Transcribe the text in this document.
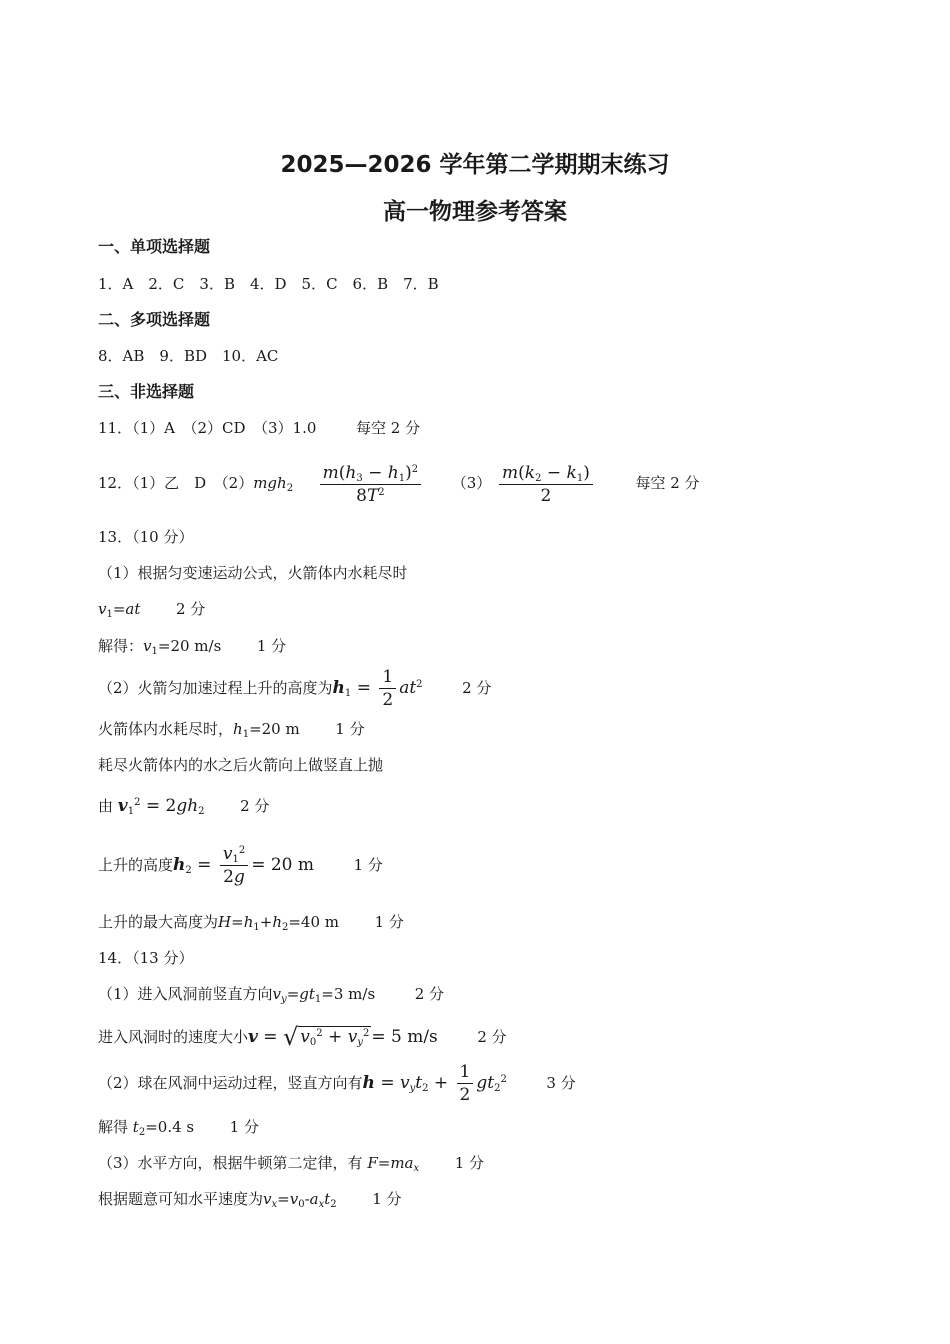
2025—2026 学年第二学期期末练习
高一物理参考答案
一、单项选择题
1．A　2．C　3．B　4．D　5．C　6．B　7．B
二、多项选择题
8．AB　9．BD　10．AC
三、非选择题
11．（1）A　（2）CD　（3）1.0	每空 2 分
12．（1）乙　D　$(2)mgh_2 \frac{m(h_3 - h_1)^2}{8T^2} (3) \frac{m(k_2 - k_1)}{2}$	每空 2 分
13．（10 分）
（1）根据匀变速运动公式，火箭体内水耗尽时
$v_1=at$ 2 分
解得：$v_1=20$ m/s 1 分
（2）火箭匀加速过程上升的高度为$h_1 = \frac{1}{2} at^2$	2 分
火箭体内水耗尽时，$h_1=20$ m 1 分
耗尽火箭体内的水之后火箭向上做竖直上抛
由 $v_1^2 = 2gh_2$ 2 分
上升的高度$h_2 = \frac{v_1^2}{2g} = 20$ m	1 分
上升的最大高度为$H=h_1+h_2=40$ m 1 分
14．（13 分）
（1）进入风洞前竖直方向$v_y=gt_1=3$ m/s	2 分
进入风洞时的速度大小v = √ $v_0^2 + v_y^2 = 5$ m/s	2 分
（2）球在风洞中运动过程，竖直方向有$h = v_yt_2 + \frac{1}{2} gt_2^2$	3 分
解得 $t_2=0.4$ s 1 分
（3）水平方向，根据牛顿第二定律，有 $F=ma_x$ 1 分
根据题意可知水平速度为$v_x=v_0-a_xt_2$ 1 分
